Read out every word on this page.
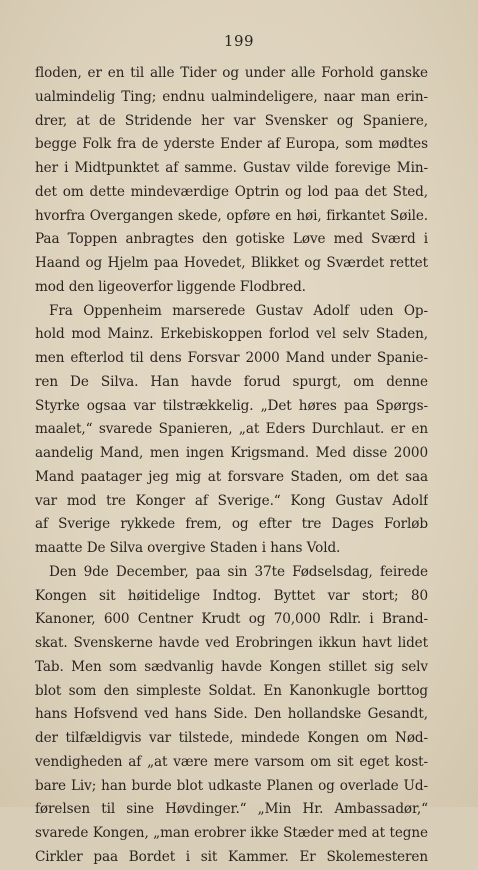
199
floden, er en til alle Tider og under alle Forhold ganske
ualmindelig Ting; endnu ualmindeligere, naar man erin-
drer, at de Stridende her var Svensker og Spaniere,
begge Folk fra de yderste Ender af Europa, som mødtes
her i Midtpunktet af samme. Gustav vilde forevige Min-
det om dette mindeværdige Optrin og lod paa det Sted,
hvorfra Overgangen skede, opføre en høi, firkantet Søile.
Paa Toppen anbragtes den gotiske Løve med Sværd i
Haand og Hjelm paa Hovedet, Blikket og Sværdet rettet
mod den ligeoverfor liggende Flodbred.
Fra Oppenheim marserede Gustav Adolf uden Op-
hold mod Mainz. Erkebiskoppen forlod vel selv Staden,
men efterlod til dens Forsvar 2000 Mand under Spanie-
ren De Silva. Han havde forud spurgt, om denne
Styrke ogsaa var tilstrækkelig. „Det høres paa Spørgs-
maalet,“ svarede Spanieren, „at Eders Durchlaut. er en
aandelig Mand, men ingen Krigsmand. Med disse 2000
Mand paatager jeg mig at forsvare Staden, om det saa
var mod tre Konger af Sverige.“ Kong Gustav Adolf
af Sverige rykkede frem, og efter tre Dages Forløb
maatte De Silva overgive Staden i hans Vold.
Den 9de December, paa sin 37te Fødselsdag, feirede
Kongen sit høitidelige Indtog. Byttet var stort; 80
Kanoner, 600 Centner Krudt og 70,000 Rdlr. i Brand-
skat. Svenskerne havde ved Erobringen ikkun havt lidet
Tab. Men som sædvanlig havde Kongen stillet sig selv
blot som den simpleste Soldat. En Kanonkugle borttog
hans Hofsvend ved hans Side. Den hollandske Gesandt,
der tilfældigvis var tilstede, mindede Kongen om Nød-
vendigheden af „at være mere varsom om sit eget kost-
bare Liv; han burde blot udkaste Planen og overlade Ud-
førelsen til sine Høvdinger.“ „Min Hr. Ambassadør,“
svarede Kongen, „man erobrer ikke Stæder med at tegne
Cirkler paa Bordet i sit Kammer. Er Skolemesteren
